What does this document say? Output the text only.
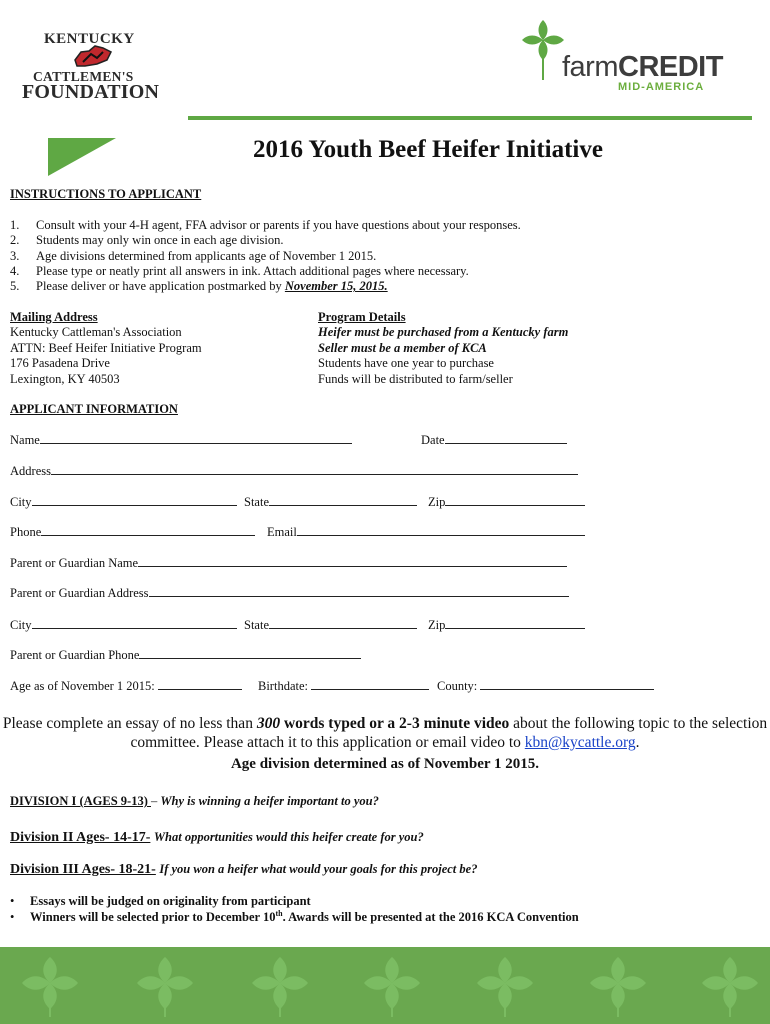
KENTUCKY
CATTLEMEN'S
FOUNDATION
farmCREDIT
MID-AMERICA
2016 Youth Beef Heifer Initiative
INSTRUCTIONS TO APPLICANT
1. Consult with your 4-H agent, FFA advisor or parents if you have questions about your responses.
2. Students may only win once in each age division.
3. Age divisions determined from applicants age of November 1 2015.
4. Please type or neatly print all answers in ink. Attach additional pages where necessary.
5. Please deliver or have application postmarked by November 15, 2015.
Mailing Address
Kentucky Cattleman's Association
ATTN: Beef Heifer Initiative Program
176 Pasadena Drive
Lexington, KY 40503
Program Details
Heifer must be purchased from a Kentucky farm
Seller must be a member of KCA
Students have one year to purchase
Funds will be distributed to farm/seller
APPLICANT INFORMATION
Name	Date
Address
City	State	Zip
Phone	Email
Parent or Guardian Name
Parent or Guardian Address
City	State	Zip
Parent or Guardian Phone
Age as of November 1 2015:	Birthdate:	County:
Please complete an essay of no less than 300 words typed or a 2-3 minute video about the following topic to the selection committee. Please attach it to this application or email video to kbn@kycattle.org.
Age division determined as of November 1 2015.
DIVISION I (AGES 9-13) – Why is winning a heifer important to you?
Division II Ages- 14-17- What opportunities would this heifer create for you?
Division III Ages- 18-21- If you won a heifer what would your goals for this project be?
• Essays will be judged on originality from participant
• Winners will be selected prior to December 10th. Awards will be presented at the 2016 KCA Convention
